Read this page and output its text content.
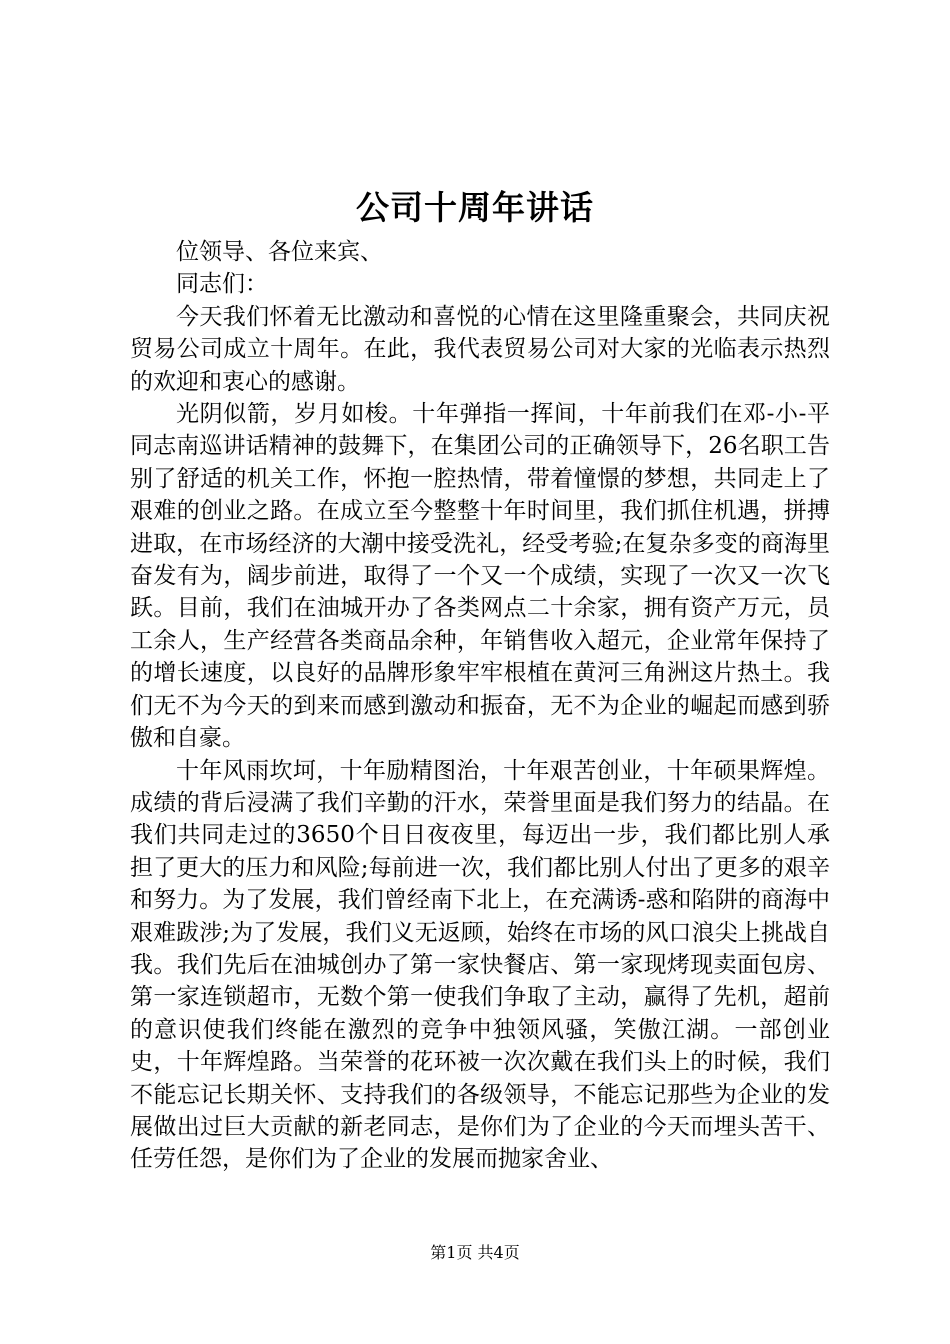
公司十周年讲话

位领导、各位来宾、

同志们：

今天我们怀着无比激动和喜悦的心情在这里隆重聚会，共同庆祝贸易公司成立十周年。在此，我代表贸易公司对大家的光临表示热烈的欢迎和衷心的感谢。

光阴似箭，岁月如梭。十年弹指一挥间，十年前我们在邓-小-平同志南巡讲话精神的鼓舞下，在集团公司的正确领导下，26名职工告别了舒适的机关工作，怀抱一腔热情，带着憧憬的梦想，共同走上了艰难的创业之路。在成立至今整整十年时间里，我们抓住机遇，拼搏进取，在市场经济的大潮中接受洗礼，经受考验;在复杂多变的商海里奋发有为，阔步前进，取得了一个又一个成绩，实现了一次又一次飞跃。目前，我们在油城开办了各类网点二十余家，拥有资产万元，员工余人，生产经营各类商品余种，年销售收入超元，企业常年保持了的增长速度，以良好的品牌形象牢牢根植在黄河三角洲这片热土。我们无不为今天的到来而感到激动和振奋，无不为企业的崛起而感到骄傲和自豪。

十年风雨坎坷，十年励精图治，十年艰苦创业，十年硕果辉煌。成绩的背后浸满了我们辛勤的汗水，荣誉里面是我们努力的结晶。在我们共同走过的3650个日日夜夜里，每迈出一步，我们都比别人承担了更大的压力和风险;每前进一次，我们都比别人付出了更多的艰辛和努力。为了发展，我们曾经南下北上，在充满诱-惑和陷阱的商海中艰难跋涉;为了发展，我们义无返顾，始终在市场的风口浪尖上挑战自我。我们先后在油城创办了第一家快餐店、第一家现烤现卖面包房、第一家连锁超市，无数个第一使我们争取了主动，赢得了先机，超前的意识使我们终能在激烈的竞争中独领风骚，笑傲江湖。一部创业史，十年辉煌路。当荣誉的花环被一次次戴在我们头上的时候，我们不能忘记长期关怀、支持我们的各级领导，不能忘记那些为企业的发展做出过巨大贡献的新老同志，是你们为了企业的今天而埋头苦干、任劳任怨，是你们为了企业的发展而抛家舍业、

第1页 共4页
